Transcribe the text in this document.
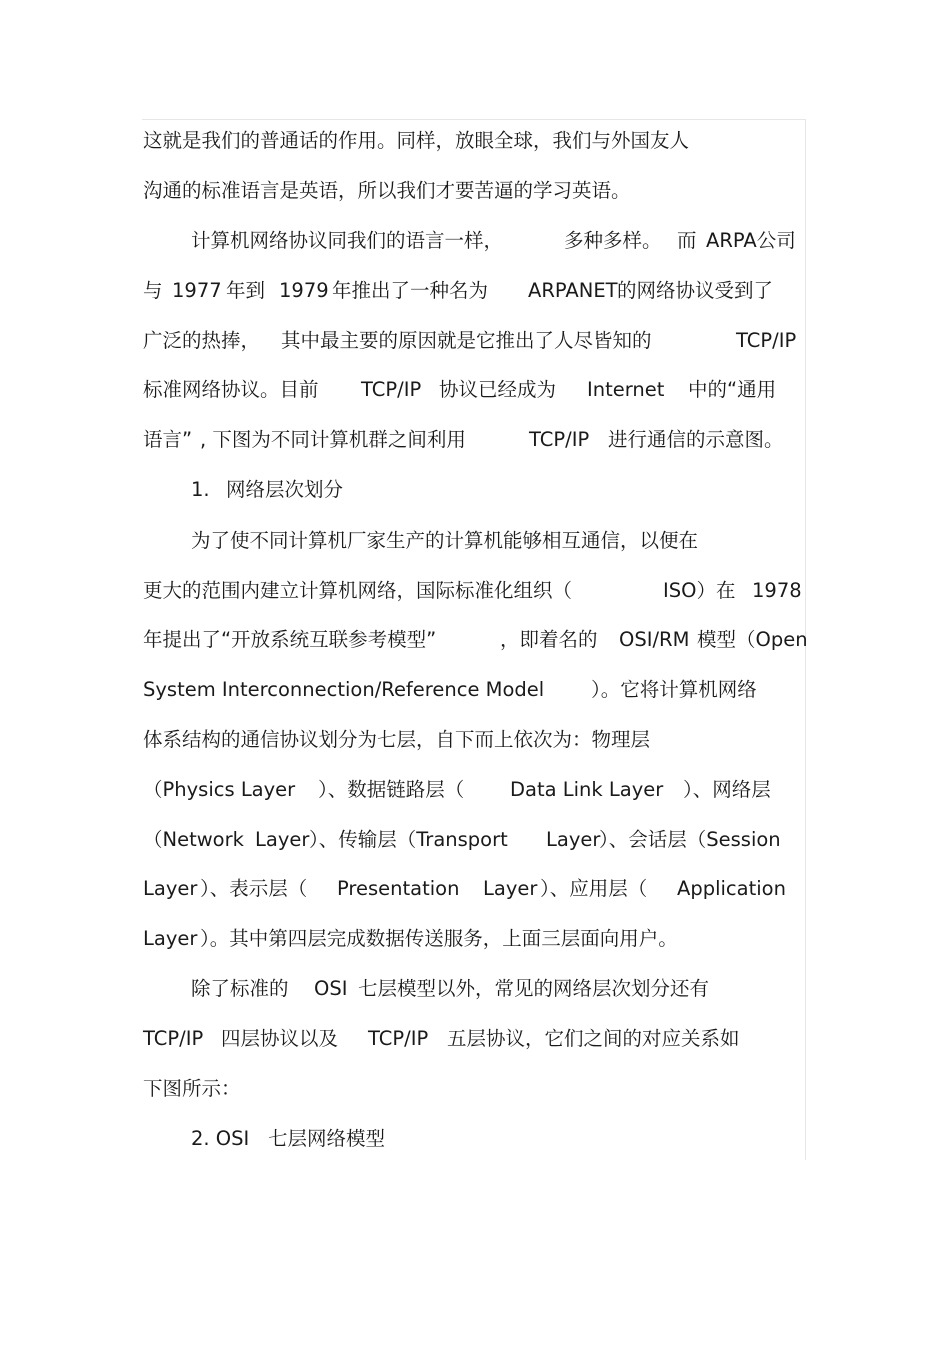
这就是我们的普通话的作用。同样，放眼全球，我们与外国友人
沟通的标准语言是英语，所以我们才要苦逼的学习英语。
计算机网络协议同我们的语言一样，	多种多样。 而 ARPA公司
与 1977 年到 1979 年推出了一种名为 ARPANET 的网络协议受到了
广泛的热捧， 其中最主要的原因就是它推出了人尽皆知的	TCP/IP
标准网络协议。目前 TCP/IP 协议已经成为 Internet 中的“通用
语言” , 下图为不同计算机群之间利用	TCP/IP 进行通信的示意图。
1. 网络层次划分
为了使不同计算机厂家生产的计算机能够相互通信，以便在
更大的范围内建立计算机网络，国际标准化组织（	ISO）在 1978
年提出了“开放系统互联参考模型”	，即着名的 OSI/RM 模型（Open
System Interconnection/Reference Model ）。它将计算机网络
体系结构的通信协议划分为七层，自下而上依次为：物理层
（Physics Layer ）、数据链路层（ Data Link Layer ）、网络层
（Network Layer ）、传输层（Transport Layer
）、会话层（Session
Layer ）、表示层（ Presentation Layer ）、应用层（ Application
Layer ）。其中第四层完成数据传送服务，上面三层面向用户。
除了标准的 OSI 七层模型以外，常见的网络层次划分还有
TCP/IP 四层协议以及 TCP/IP 五层协议，它们之间的对应关系如
下图所示：
2. OSI 七层网络模型
